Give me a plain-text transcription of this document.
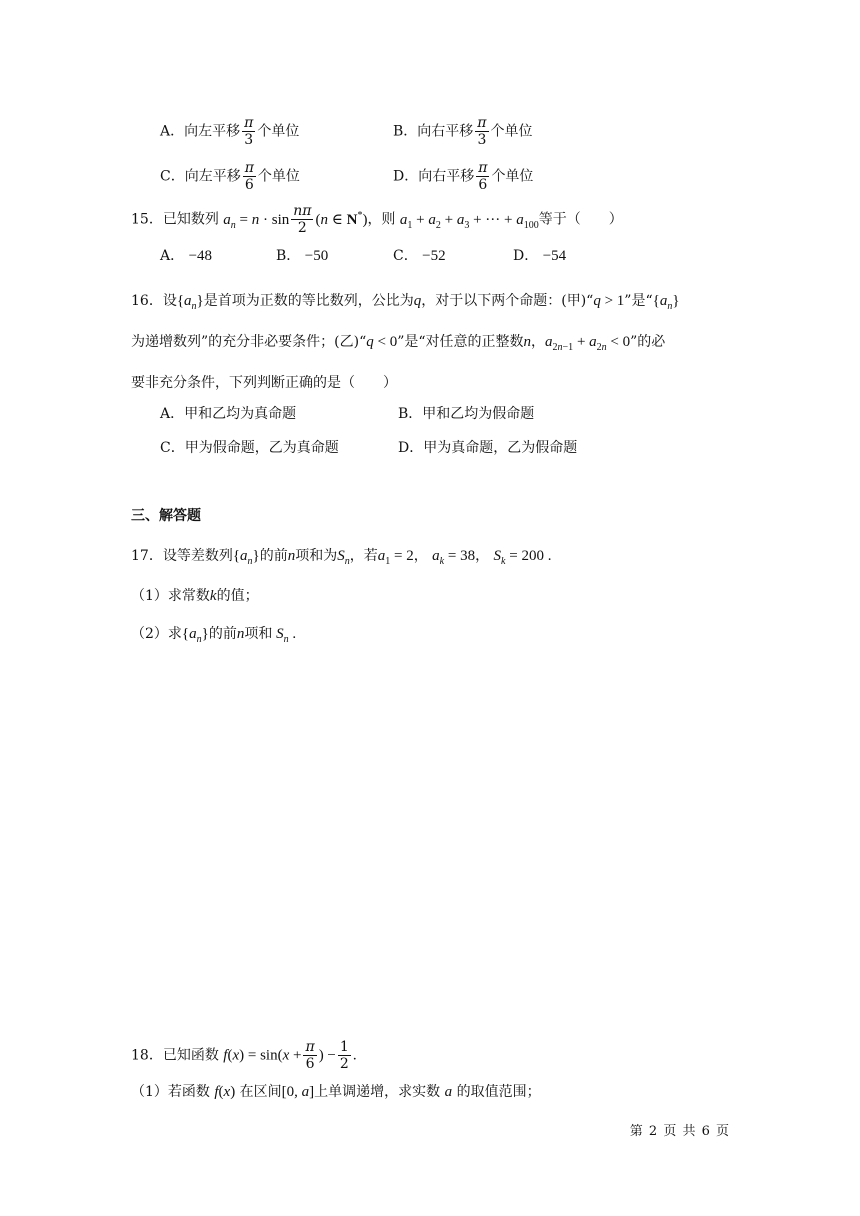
A．向左平移 $\frac{\pi}{3}$ 个单位	B．向右平移 $\frac{\pi}{3}$ 个单位
C．向左平移 $\frac{\pi}{6}$ 个单位	D．向右平移 $\frac{\pi}{6}$ 个单位
15．已知数列 $a_n = n \cdot \sin \frac{n\pi}{2} (n$ ∈ N*)，则 $a_1 + a_2 + a_3$ + ··· + $a_{100}$等于（　　）
A． −48	B． −50	C． −52	D． −54
16．设$\{a_n\}$是首项为正数的等比数列，公比为q，对于以下两个命题：(甲)“q > 1”是“$\{a_n\}$
为递增数列”的充分非必要条件；(乙)“q < 0”是“对任意的正整数n，$a_{2n-1} + a_{2n} < 0$”的必
要非充分条件，下列判断正确的是（　　）
A．甲和乙均为真命题	B．甲和乙均为假命题
C．甲为假命题，乙为真命题	D．甲为真命题，乙为假命题
三、解答题
17．设等差数列$\{a_n\}$的前n项和为$S_n$，若$a_1 = 2$， $a_k = 38$， $S_k = 200$ .
（1）求常数k的值；
（2）求$\{a_n\}$的前n项和 $S_n$ .
18．已知函数 $f(x) = \sin(x + \frac{\pi}{6}$ ) − $\frac{1}{2}$ .
（1）若函数 f(x) 在区间[0, a]上单调递增，求实数 a 的取值范围；
第 2 页 共 6 页
